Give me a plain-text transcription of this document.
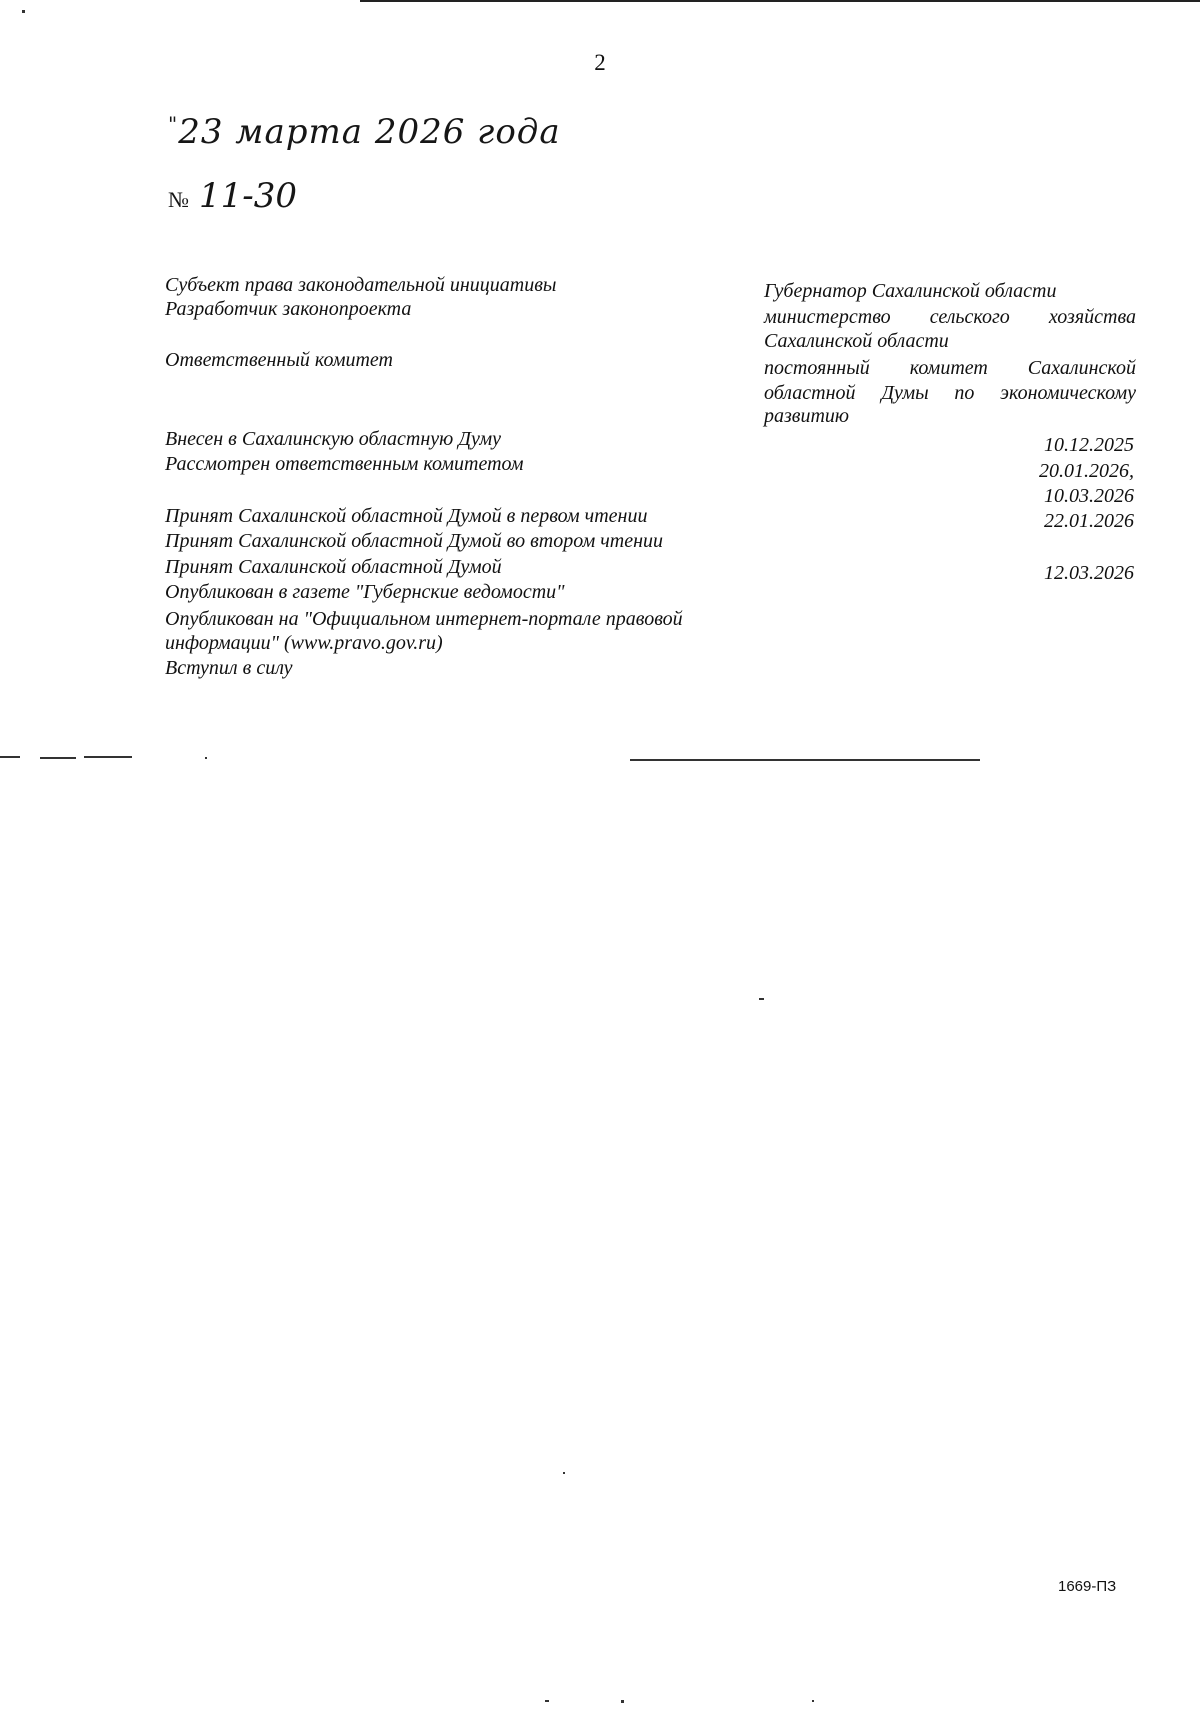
2
"23 марта 2026 года
№ 11-30
Субъект права законодательной инициативы
Разработчик законопроекта
Ответственный комитет
Губернатор Сахалинской области
министерство сельского хозяйства
Сахалинской области
постоянный комитет Сахалинской
областной Думы по экономическому
развитию
Внесен в Сахалинскую областную Думу
Рассмотрен ответственным комитетом
Принят Сахалинской областной Думой в первом чтении
Принят Сахалинской областной Думой во втором чтении
Принят Сахалинской областной Думой
Опубликован в газете "Губернские ведомости"
Опубликован на "Официальном интернет-портале правовой
информации" (www.pravo.gov.ru)
Вступил в силу
10.12.2025
20.01.2026,
10.03.2026
22.01.2026
12.03.2026
1669-ПЗ
